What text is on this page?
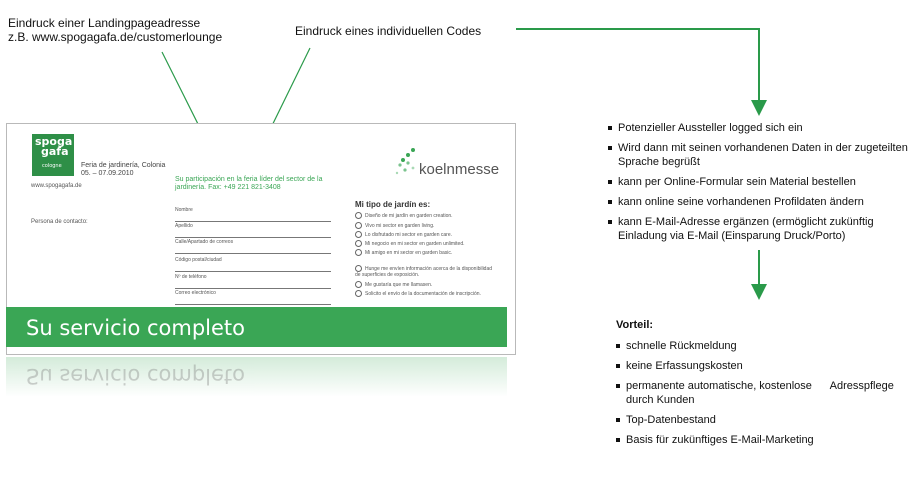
Eindruck einer Landingpageadresse
z.B. www.spogagafa.de/customerlounge	Eindruck eines individuellen Codes
spoga
gafa
cologne	Feria de jardinería, Colonia
05. – 07.09.2010
www.spogagafa.de
Persona de contacto:
Su participación en la feria líder del sector de la jardinería. Fax: +49 221 821-3408
koelnmesse
Nombre
Apellido
Calle/Apartado de correos
Código postal/ciudad
Nº de teléfono
Correo electrónico
Mi tipo de jardín es:
Diseño de mi jardín en garden creation.
Vivo mi sector en garden living.
Lo disfrutado mi sector en garden care.
Mi negocio en mi sector en garden unlimited.
Mi amigo en mi sector en garden basic.
Hunge me envíen información acerca de la disponibilidad de superficies de exposición.
Me gustaría que me llamasen.
Solicito el envío de la documentación de inscripción.
Su servicio completo
Su servicio completo
Potenzieller Aussteller logged sich ein
Wird dann mit seinen vorhandenen Daten in der zugeteilten Sprache begrüßt
kann per Online-Formular sein Material bestellen
kann online seine vorhandenen Profildaten ändern
kann E-Mail-Adresse ergänzen (ermöglicht zukünftig Einladung via E-Mail (Einsparung Druck/Porto)
Vorteil:
schnelle Rückmeldung
keine Erfassungskosten
permanente automatische, kostenlose      Adresspflege durch Kunden
Top-Datenbestand
Basis für zukünftiges E-Mail-Marketing
